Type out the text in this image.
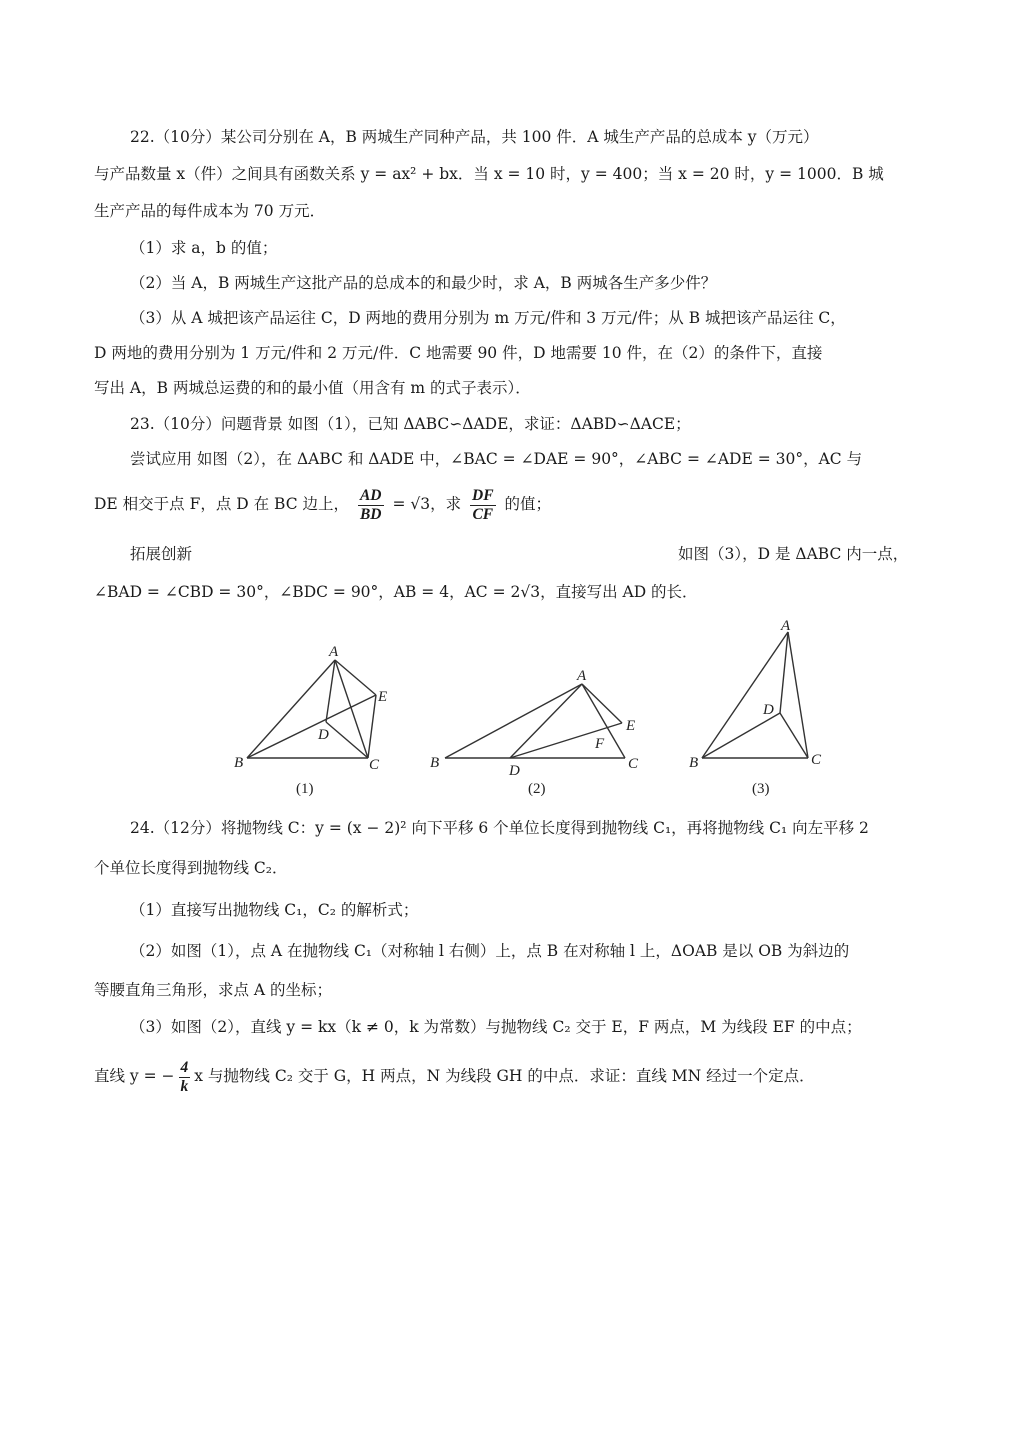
22.（10分）某公司分别在 A，B 两城生产同种产品，共 100 件．A 城生产产品的总成本 y（万元）
与产品数量 x（件）之间具有函数关系 y = ax² + bx．当 x = 10 时，y = 400；当 x = 20 时，y = 1000．B 城
生产产品的每件成本为 70 万元．
（1）求 a，b 的值；
（2）当 A，B 两城生产这批产品的总成本的和最少时，求 A，B 两城各生产多少件？
（3）从 A 城把该产品运往 C，D 两地的费用分别为 m 万元/件和 3 万元/件；从 B 城把该产品运往 C，
D 两地的费用分别为 1 万元/件和 2 万元/件．C 地需要 90 件，D 地需要 10 件，在（2）的条件下，直接
写出 A，B 两城总运费的和的最小值（用含有 m 的式子表示）．
23.（10分）问题背景 如图（1），已知 ΔABC∽ΔADE，求证：ΔABD∽ΔACE；
尝试应用 如图（2），在 ΔABC 和 ΔADE 中，∠BAC = ∠DAE = 90°，∠ABC = ∠ADE = 30°，AC 与
DE 相交于点 F，点 D 在 BC 边上， $\frac{AD}{BD} = √3$，求 $\frac{DF}{CF}$ 的值；
拓展创新	如图（3），D 是 ΔABC 内一点，
∠BAD = ∠CBD = 30°，∠BDC = 90°，AB = 4，AC = 2√3，直接写出 AD 的长．
A
B	C
D
E
(1)
A
B	C
D
E
F
(2)
A
B	C
D
(3)
24.（12分）将抛物线 C：y = (x − 2)² 向下平移 6 个单位长度得到抛物线 C₁，再将抛物线 C₁ 向左平移 2
个单位长度得到抛物线 C₂．
（1）直接写出抛物线 C₁，C₂ 的解析式；
（2）如图（1），点 A 在抛物线 C₁（对称轴 l 右侧）上，点 B 在对称轴 l 上，ΔOAB 是以 OB 为斜边的
等腰直角三角形，求点 A 的坐标；
（3）如图（2），直线 y = kx（k ≠ 0，k 为常数）与抛物线 C₂ 交于 E，F 两点，M 为线段 EF 的中点；
直线 y = − $\frac{4}{k}$ x 与抛物线 C₂ 交于 G，H 两点，N 为线段 GH 的中点．求证：直线 MN 经过一个定点．
